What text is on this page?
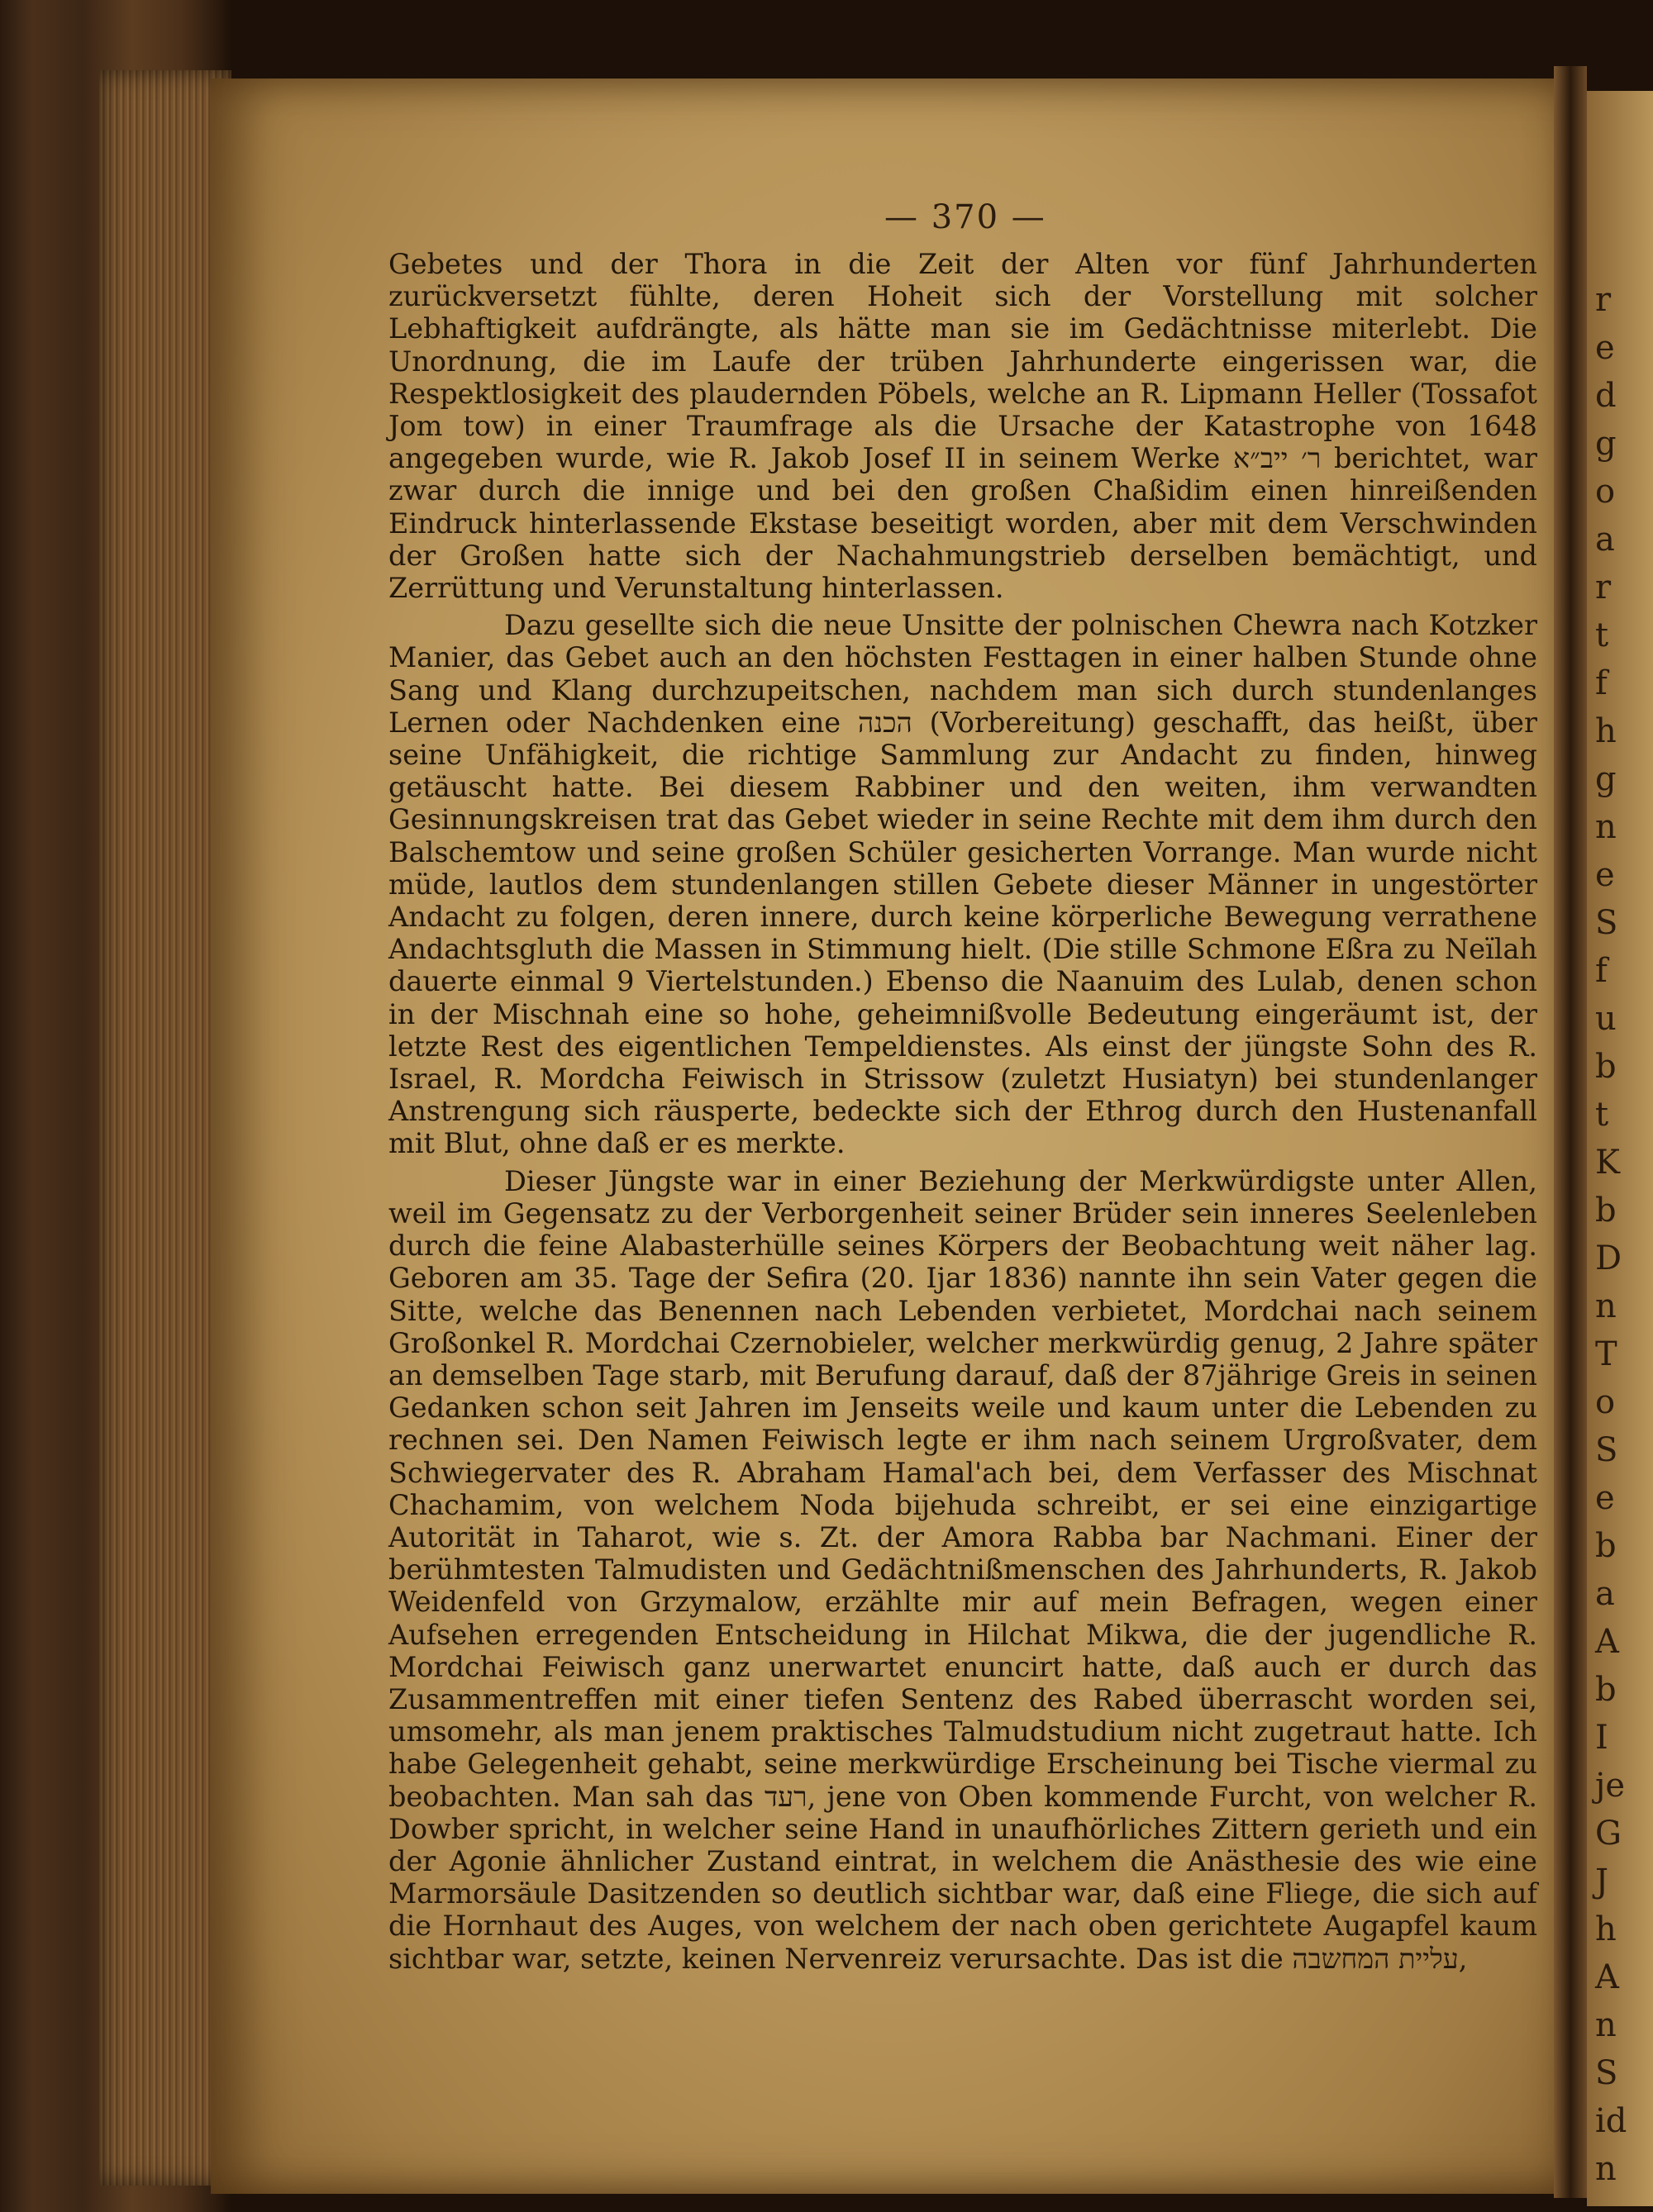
r
e
d
g
o
a
r
t
f
h
g
n
e
S
f
u
b
t
K
b
D
n
T
o
S
e
b
a
A
b
I
je
G
J
h
A
n
S
id
n
— 370 —

Gebetes und der Thora in die Zeit der Alten vor fünf Jahrhunderten zurückversetzt fühlte, deren Hoheit sich der Vorstellung mit solcher Lebhaftigkeit aufdrängte, als hätte man sie im Gedächtnisse miterlebt. Die Unordnung, die im Laufe der trüben Jahrhunderte eingerissen war, die Respektlosigkeit des plaudernden Pöbels, welche an R. Lipmann Heller (Tossafot Jom tow) in einer Traumfrage als die Ursache der Katastrophe von 1648 angegeben wurde, wie R. Jakob Josef II in seinem Werke ר׳ ייב״א berichtet, war zwar durch die innige und bei den großen Chaßidim einen hinreißenden Eindruck hinterlassende Ekstase beseitigt worden, aber mit dem Verschwinden der Großen hatte sich der Nachahmungstrieb derselben bemächtigt, und Zerrüttung und Verunstaltung hinterlassen.

Dazu gesellte sich die neue Unsitte der polnischen Chewra nach Kotzker Manier, das Gebet auch an den höchsten Festtagen in einer halben Stunde ohne Sang und Klang durchzupeitschen, nachdem man sich durch stundenlanges Lernen oder Nachdenken eine הכנה (Vorbereitung) geschafft, das heißt, über seine Unfähigkeit, die richtige Sammlung zur Andacht zu finden, hinweg getäuscht hatte. Bei diesem Rabbiner und den weiten, ihm verwandten Gesinnungskreisen trat das Gebet wieder in seine Rechte mit dem ihm durch den Balschemtow und seine großen Schüler gesicherten Vorrange. Man wurde nicht müde, lautlos dem stundenlangen stillen Gebete dieser Männer in ungestörter Andacht zu folgen, deren innere, durch keine körperliche Bewegung verrathene Andachtsgluth die Massen in Stimmung hielt. (Die stille Schmone Eßra zu Neïlah dauerte einmal 9 Viertelstunden.) Ebenso die Naanuim des Lulab, denen schon in der Mischnah eine so hohe, geheimnißvolle Bedeutung eingeräumt ist, der letzte Rest des eigentlichen Tempeldienstes. Als einst der jüngste Sohn des R. Israel, R. Mordcha Feiwisch in Strissow (zuletzt Husiatyn) bei stundenlanger Anstrengung sich räusperte, bedeckte sich der Ethrog durch den Hustenanfall mit Blut, ohne daß er es merkte.

Dieser Jüngste war in einer Beziehung der Merkwürdigste unter Allen, weil im Gegensatz zu der Verborgenheit seiner Brüder sein inneres Seelenleben durch die feine Alabasterhülle seines Körpers der Beobachtung weit näher lag. Geboren am 35. Tage der Sefira (20. Ijar 1836) nannte ihn sein Vater gegen die Sitte, welche das Benennen nach Lebenden verbietet, Mordchai nach seinem Großonkel R. Mordchai Czernobieler, welcher merkwürdig genug, 2 Jahre später an demselben Tage starb, mit Berufung darauf, daß der 87jährige Greis in seinen Gedanken schon seit Jahren im Jenseits weile und kaum unter die Lebenden zu rechnen sei. Den Namen Feiwisch legte er ihm nach seinem Urgroßvater, dem Schwiegervater des R. Abraham Hamal'ach bei, dem Verfasser des Mischnat Chachamim, von welchem Noda bijehuda schreibt, er sei eine einzigartige Autorität in Taharot, wie s. Zt. der Amora Rabba bar Nachmani. Einer der berühmtesten Talmudisten und Gedächtnißmenschen des Jahrhunderts, R. Jakob Weidenfeld von Grzymalow, erzählte mir auf mein Befragen, wegen einer Aufsehen erregenden Entscheidung in Hilchat Mikwa, die der jugendliche R. Mordchai Feiwisch ganz unerwartet enuncirt hatte, daß auch er durch das Zusammentreffen mit einer tiefen Sentenz des Rabed überrascht worden sei, umsomehr, als man jenem praktisches Talmudstudium nicht zugetraut hatte. Ich habe Gelegenheit gehabt, seine merkwürdige Erscheinung bei Tische viermal zu beobachten. Man sah das רעד, jene von Oben kommende Furcht, von welcher R. Dowber spricht, in welcher seine Hand in unaufhörliches Zittern gerieth und ein der Agonie ähnlicher Zustand eintrat, in welchem die Anästhesie des wie eine Marmorsäule Dasitzenden so deutlich sichtbar war, daß eine Fliege, die sich auf die Hornhaut des Auges, von welchem der nach oben gerichtete Augapfel kaum sichtbar war, setzte, keinen Nervenreiz verursachte. Das ist die עליית המחשבה,
